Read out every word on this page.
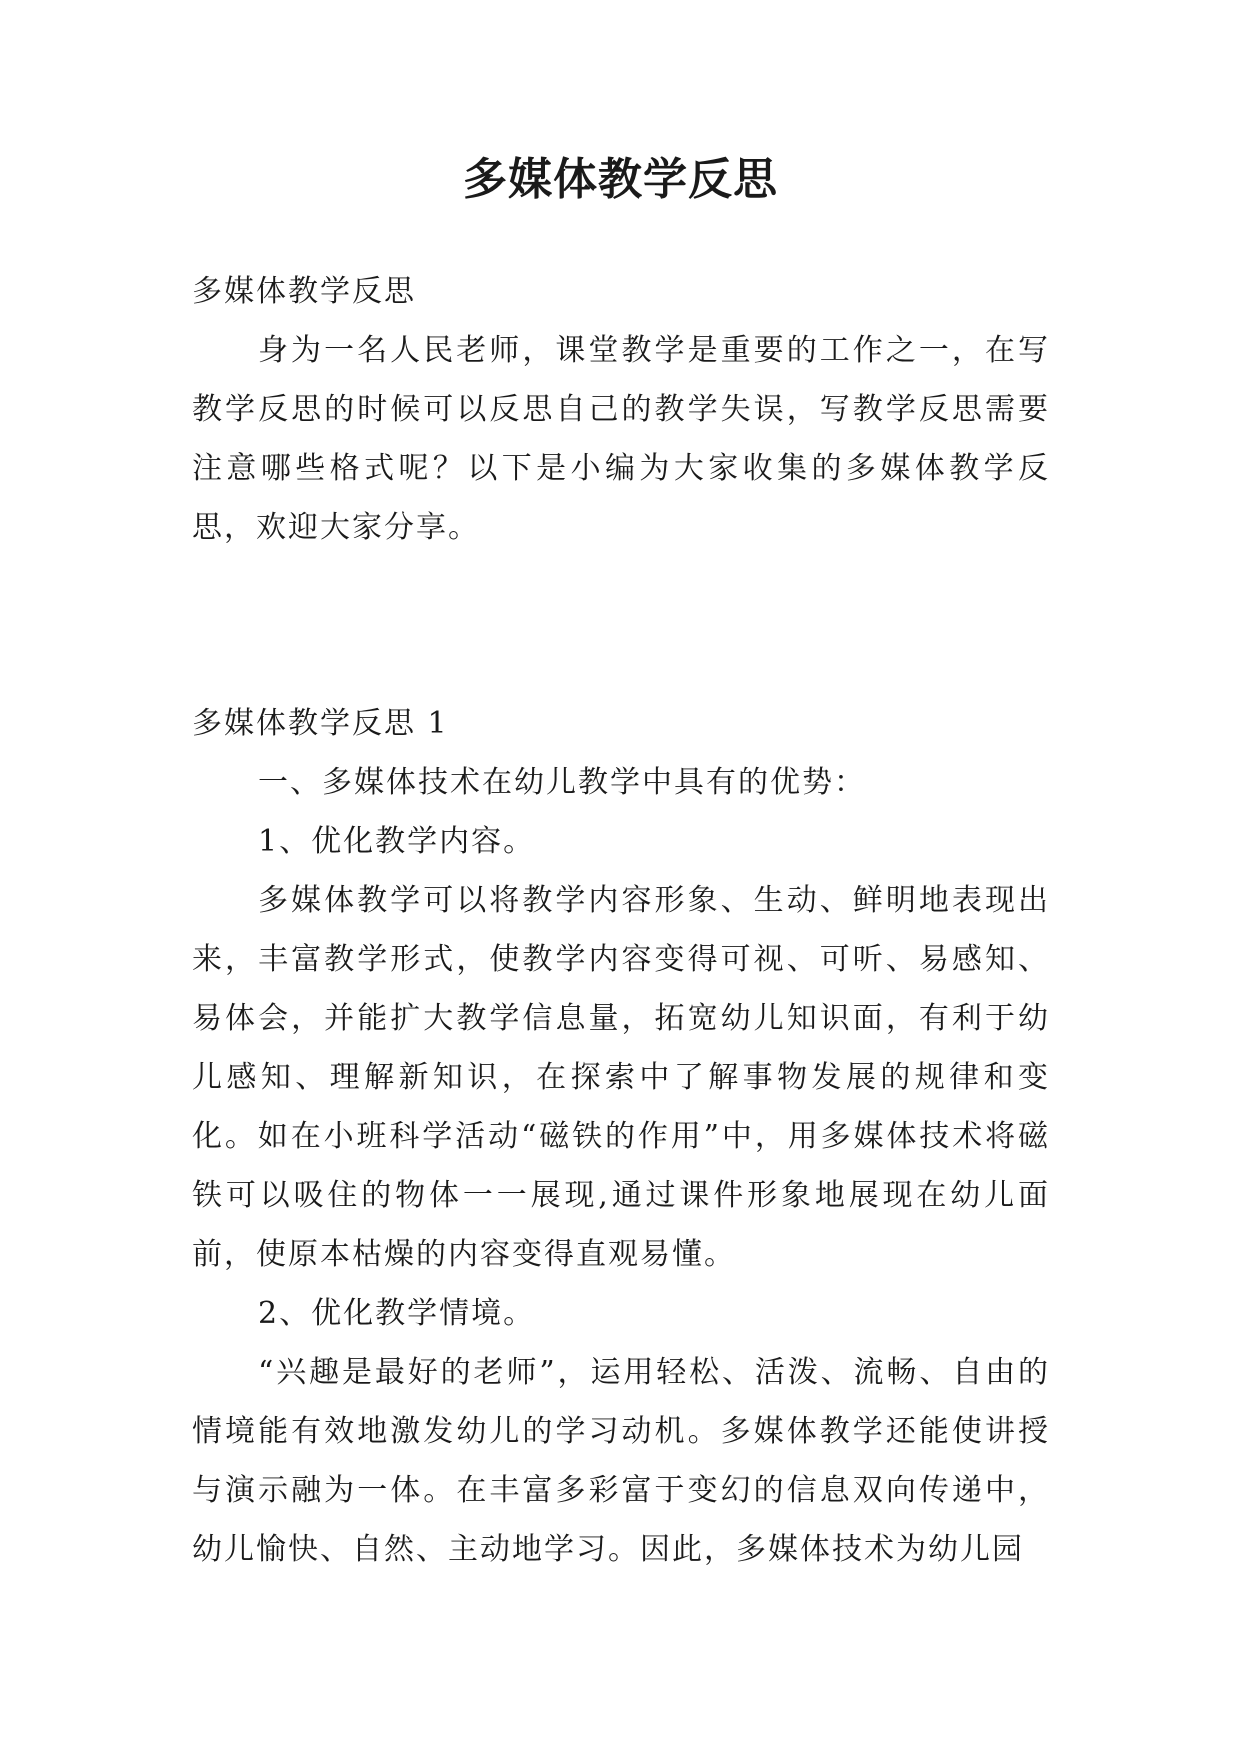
多媒体教学反思

多媒体教学反思

身为一名人民老师，课堂教学是重要的工作之一，在写教学反思的时候可以反思自己的教学失误，写教学反思需要注意哪些格式呢？以下是小编为大家收集的多媒体教学反思，欢迎大家分享。

多媒体教学反思 1

一、多媒体技术在幼儿教学中具有的优势：

1、优化教学内容。

多媒体教学可以将教学内容形象、生动、鲜明地表现出来，丰富教学形式，使教学内容变得可视、可听、易感知、易体会，并能扩大教学信息量，拓宽幼儿知识面，有利于幼儿感知、理解新知识，在探索中了解事物发展的规律和变化。如在小班科学活动“磁铁的作用”中，用多媒体技术将磁铁可以吸住的物体一一展现,通过课件形象地展现在幼儿面前，使原本枯燥的内容变得直观易懂。

2、优化教学情境。

“兴趣是最好的老师”，运用轻松、活泼、流畅、自由的情境能有效地激发幼儿的学习动机。多媒体教学还能使讲授与演示融为一体。在丰富多彩富于变幻的信息双向传递中，幼儿愉快、自然、主动地学习。因此，多媒体技术为幼儿园
